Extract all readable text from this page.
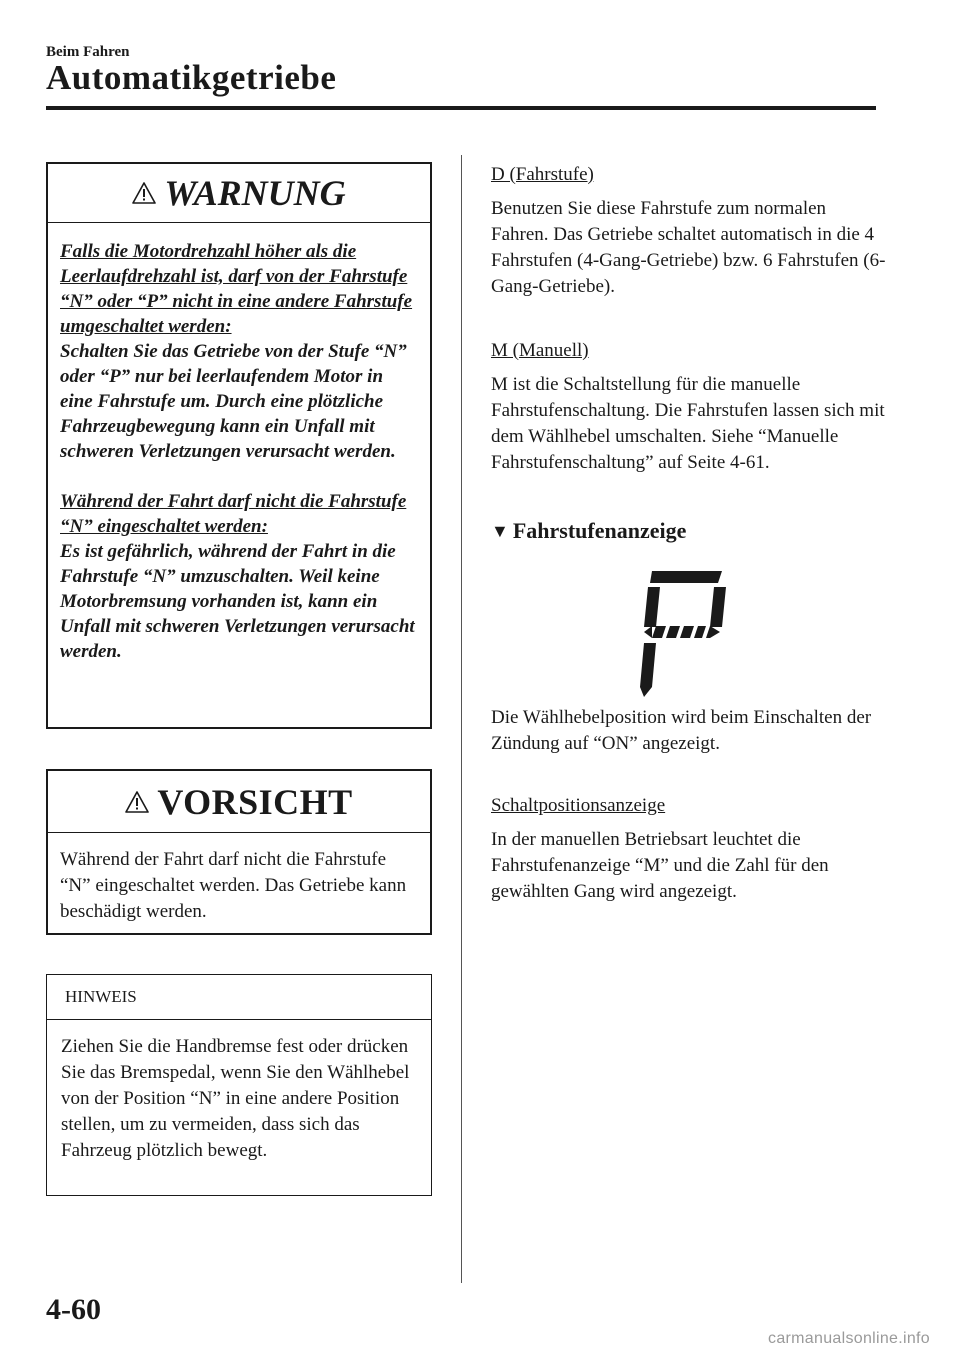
Beim Fahren
Automatikgetriebe
WARNUNG

Falls die Motordrehzahl höher als die Leerlaufdrehzahl ist, darf von der Fahrstufe “N” oder “P” nicht in eine andere Fahrstufe umgeschaltet werden:

Schalten Sie das Getriebe von der Stufe “N” oder “P” nur bei leerlaufendem Motor in eine Fahrstufe um. Durch eine plötzliche Fahrzeugbewegung kann ein Unfall mit schweren Verletzungen verursacht werden.

Während der Fahrt darf nicht die Fahrstufe “N” eingeschaltet werden:

Es ist gefährlich, während der Fahrt in die Fahrstufe “N” umzuschalten. Weil keine Motorbremsung vorhanden ist, kann ein Unfall mit schweren Verletzungen verursacht werden.

VORSICHT
Während der Fahrt darf nicht die Fahrstufe “N” eingeschaltet werden. Das Getriebe kann beschädigt werden.
HINWEIS
Ziehen Sie die Handbremse fest oder drücken Sie das Bremspedal, wenn Sie den Wählhebel von der Position “N” in eine andere Position stellen, um zu vermeiden, dass sich das Fahrzeug plötzlich bewegt.
D (Fahrstufe)
Benutzen Sie diese Fahrstufe zum normalen Fahren. Das Getriebe schaltet automatisch in die 4 Fahrstufen (4-Gang-Getriebe) bzw. 6 Fahrstufen (6-Gang-Getriebe).
M (Manuell)
M ist die Schaltstellung für die manuelle Fahrstufenschaltung. Die Fahrstufen lassen sich mit dem Wählhebel umschalten. Siehe “Manuelle Fahrstufenschaltung” auf Seite 4-61.
▼ Fahrstufenanzeige
Die Wählhebelposition wird beim Einschalten der Zündung auf “ON” angezeigt.
Schaltpositionsanzeige
In der manuellen Betriebsart leuchtet die Fahrstufenanzeige “M” und die Zahl für den gewählten Gang wird angezeigt.
4-60
carmanualsonline.info
